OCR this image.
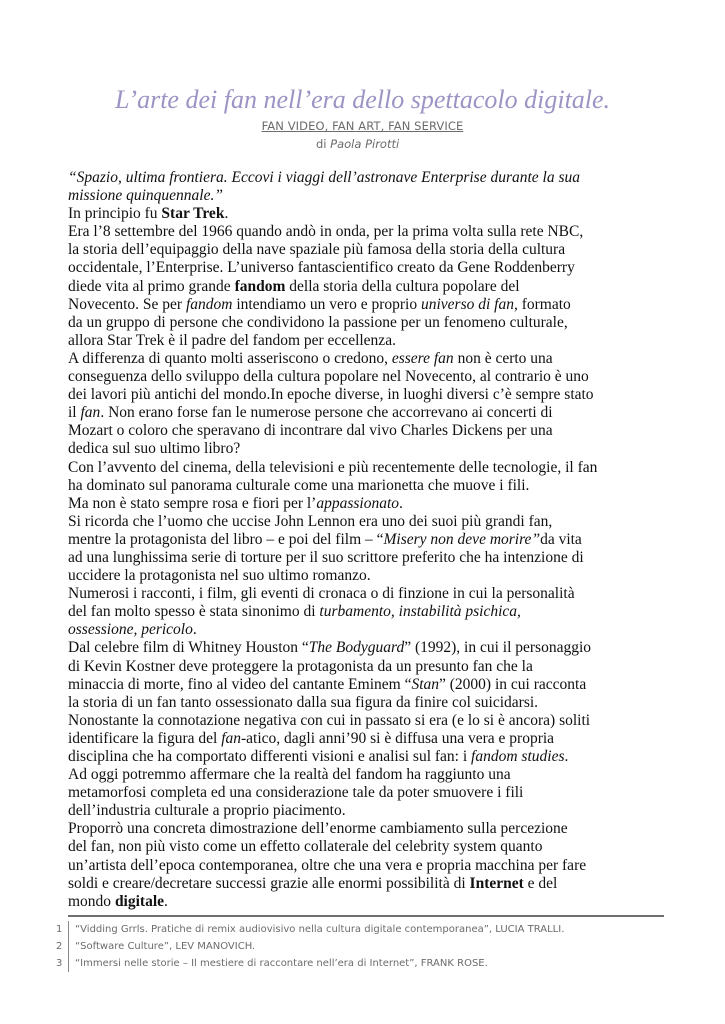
L’arte dei fan nell’era dello spettacolo digitale.
FAN VIDEO, FAN ART, FAN SERVICE
di Paola Pirotti
“Spazio, ultima frontiera. Eccovi i viaggi dell’astronave Enterprise durante la sua
missione quinquennale.”
In principio fu Star Trek.
Era l’8 settembre del 1966 quando andò in onda, per la prima volta sulla rete NBC,
la storia dell’equipaggio della nave spaziale più famosa della storia della cultura
occidentale, l’Enterprise. L’universo fantascientifico creato da Gene Roddenberry
diede vita al primo grande fandom della storia della cultura popolare del
Novecento. Se per fandom intendiamo un vero e proprio universo di fan, formato
da un gruppo di persone che condividono la passione per un fenomeno culturale,
allora Star Trek è il padre del fandom per eccellenza.
A differenza di quanto molti asseriscono o credono, essere fan non è certo una
conseguenza dello sviluppo della cultura popolare nel Novecento, al contrario è uno
dei lavori più antichi del mondo.In epoche diverse, in luoghi diversi c’è sempre stato
il fan. Non erano forse fan le numerose persone che accorrevano ai concerti di
Mozart o coloro che speravano di incontrare dal vivo Charles Dickens per una
dedica sul suo ultimo libro?
Con l’avvento del cinema, della televisioni e più recentemente delle tecnologie, il fan
ha dominato sul panorama culturale come una marionetta che muove i fili.
Ma non è stato sempre rosa e fiori per l’appassionato.
Si ricorda che l’uomo che uccise John Lennon era uno dei suoi più grandi fan,
mentre la protagonista del libro – e poi del film – “Misery non deve morire”da vita
ad una lunghissima serie di torture per il suo scrittore preferito che ha intenzione di
uccidere la protagonista nel suo ultimo romanzo.
Numerosi i racconti, i film, gli eventi di cronaca o di finzione in cui la personalità
del fan molto spesso è stata sinonimo di turbamento, instabilità psichica,
ossessione, pericolo.
Dal celebre film di Whitney Houston “The Bodyguard” (1992), in cui il personaggio
di Kevin Kostner deve proteggere la protagonista da un presunto fan che la
minaccia di morte, fino al video del cantante Eminem “Stan” (2000) in cui racconta
la storia di un fan tanto ossessionato dalla sua figura da finire col suicidarsi.
Nonostante la connotazione negativa con cui in passato si era (e lo si è ancora) soliti
identificare la figura del fan-atico, dagli anni’90 si è diffusa una vera e propria
disciplina che ha comportato differenti visioni e analisi sul fan: i fandom studies.
Ad oggi potremmo affermare che la realtà del fandom ha raggiunto una
metamorfosi completa ed una considerazione tale da poter smuovere i fili
dell’industria culturale a proprio piacimento.
Proporrò una concreta dimostrazione dell’enorme cambiamento sulla percezione
del fan, non più visto come un effetto collaterale del celebrity system quanto
un’artista dell’epoca contemporanea, oltre che una vera e propria macchina per fare
soldi e creare/decretare successi grazie alle enormi possibilità di Internet e del
mondo digitale.
1	“Vidding Grrls. Pratiche di remix audiovisivo nella cultura digitale contemporanea”, LUCIA TRALLI.
2	“Software Culture”, LEV MANOVICH.
3	“Immersi nelle storie – Il mestiere di raccontare nell’era di Internet”, FRANK ROSE.
